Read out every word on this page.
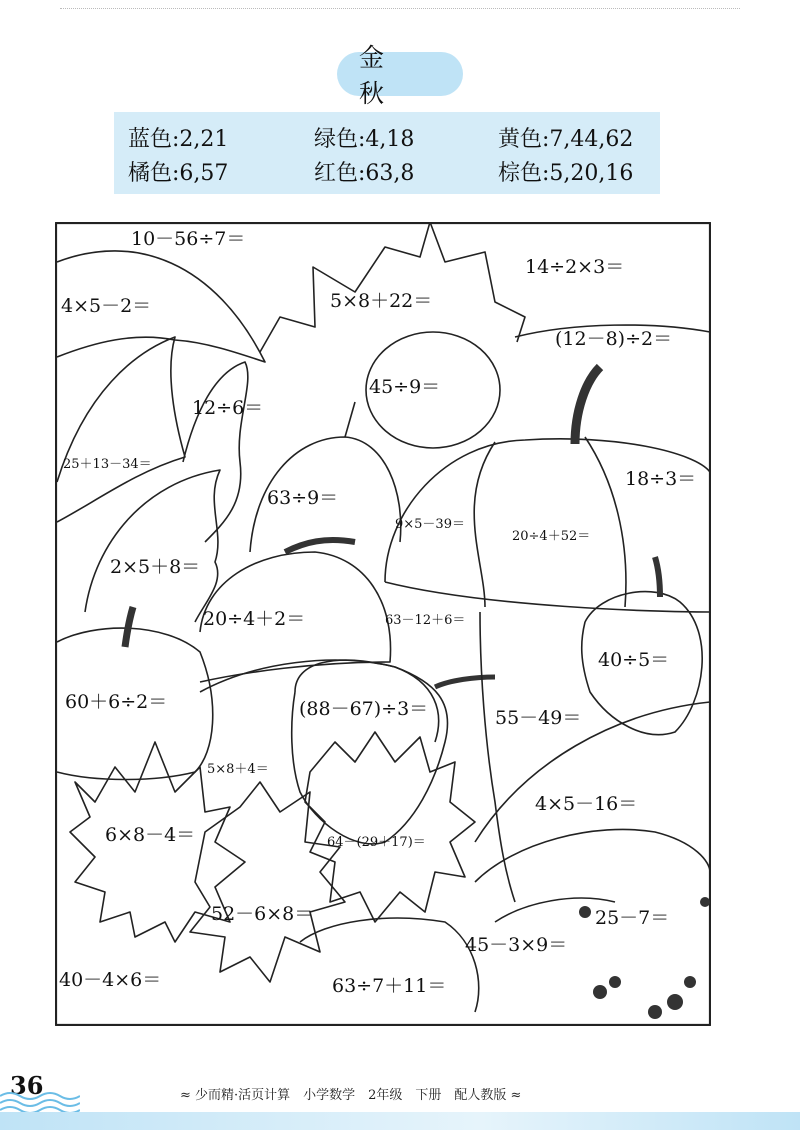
金 秋
蓝色:2,21	绿色:4,18	黄色:7,44,62
橘色:6,57	红色:63,8	棕色:5,20,16
10－56÷7＝
14÷2×3＝
4×5－2＝	5×8＋22＝
(12－8)÷2＝
45÷9＝
12÷6＝
25＋13－34＝
63÷9＝
18÷3＝
9×5－39＝
20÷4＋52＝
2×5＋8＝
20÷4＋2＝	63－12＋6＝
40÷5＝
60＋6÷2＝	(88－67)÷3＝	55－49＝
5×8＋4＝
4×5－16＝
6×8－4＝	64－(29＋17)＝
52－6×8＝	25－7＝
45－3×9＝
40－4×6＝	63÷7＋11＝
36	≈ 少而精·活页计算　小学数学　2年级　下册　配人教版 ≈
